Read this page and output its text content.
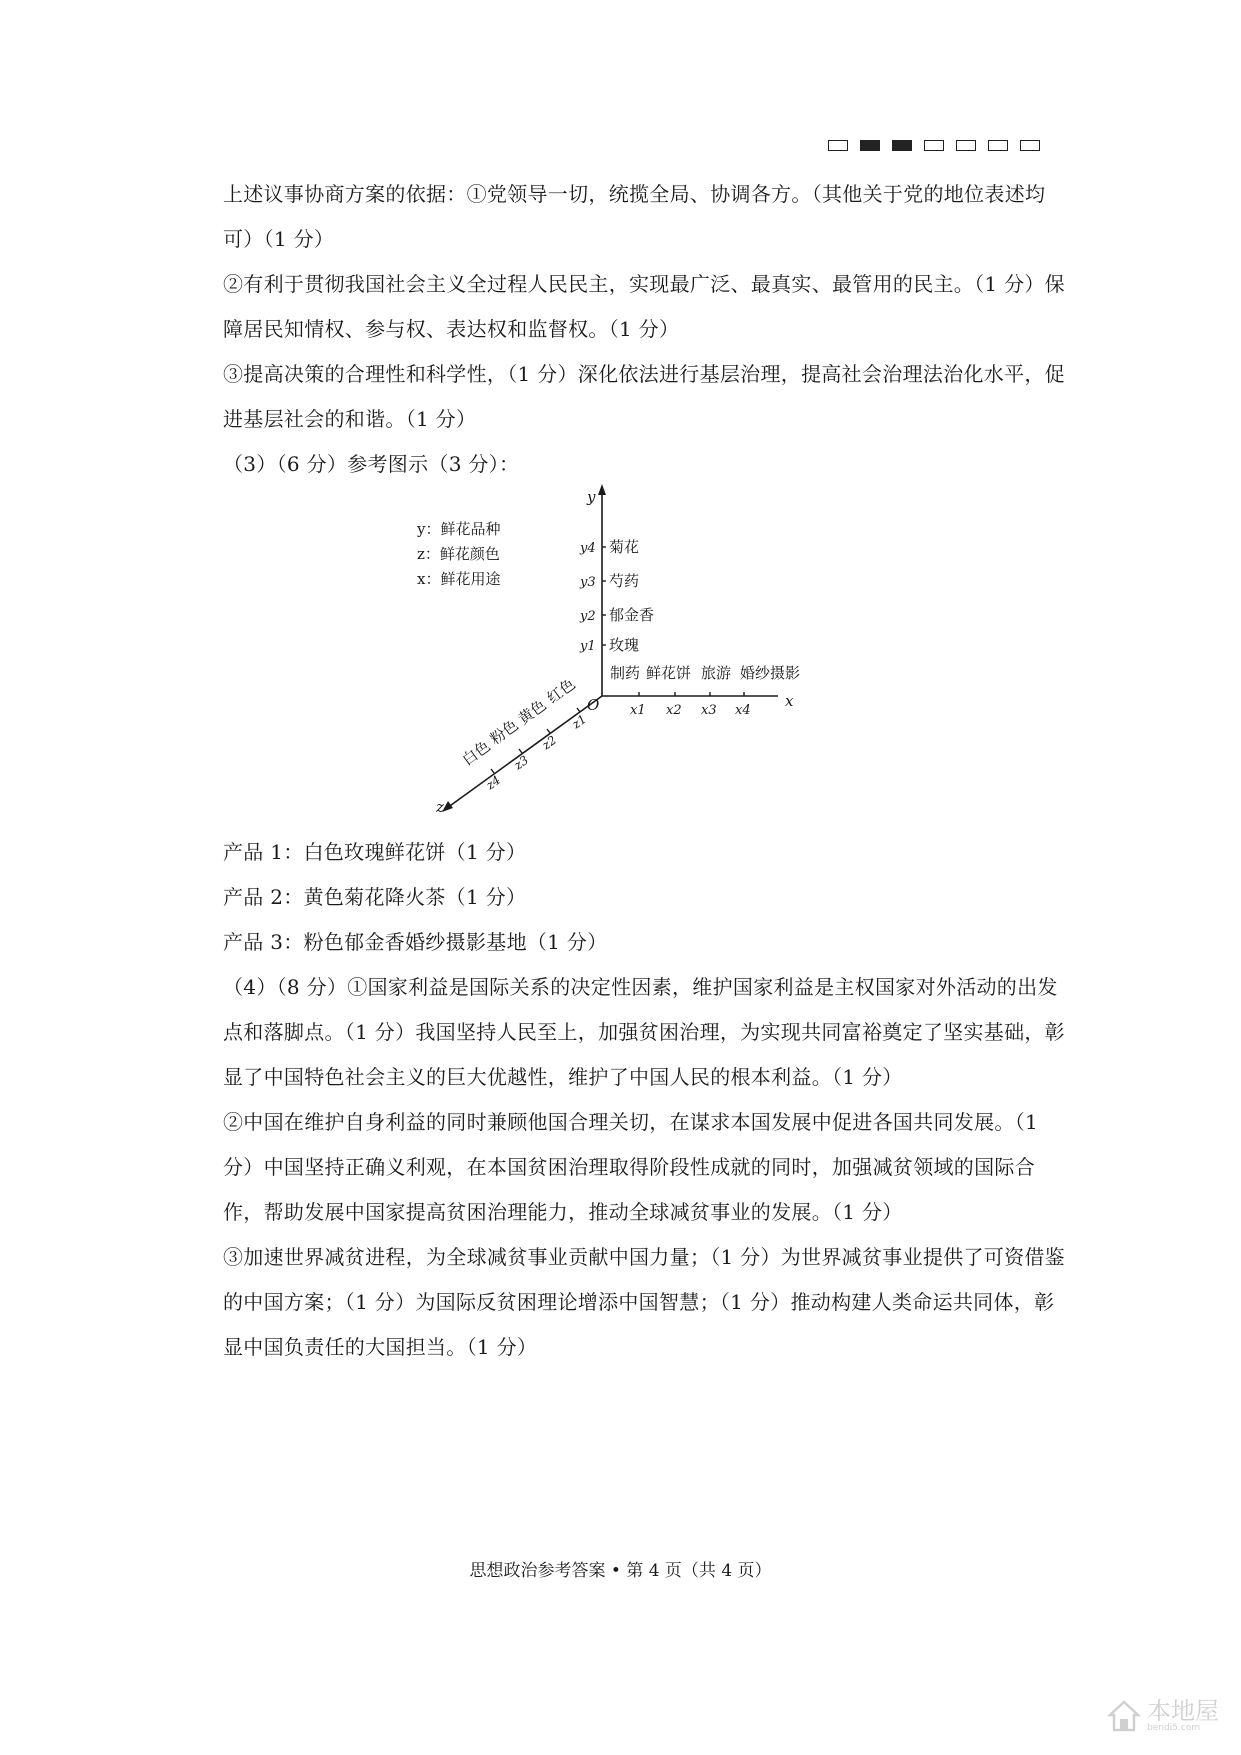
上述议事协商方案的依据：①党领导一切，统揽全局、协调各方。（其他关于党的地位表述均可）（1 分）

②有利于贯彻我国社会主义全过程人民民主，实现最广泛、最真实、最管用的民主。（1 分）保障居民知情权、参与权、表达权和监督权。（1 分）

③提高决策的合理性和科学性，（1 分）深化依法进行基层治理，提高社会治理法治化水平，促进基层社会的和谐。（1 分）

（3）（6 分）参考图示（3 分）：

y
x
z
O
y：鲜花品种
z：鲜花颜色
x：鲜花用途
y1
y2
y3
y4
玫瑰
郁金香
芍药
菊花
x1 x2 x3 x4
制药 鲜花饼 旅游 婚纱摄影
z1
z2
z3
z4
红色
黄色
粉色
白色

产品 1：白色玫瑰鲜花饼（1 分）

产品 2：黄色菊花降火茶（1 分）

产品 3：粉色郁金香婚纱摄影基地（1 分）

（4）（8 分）①国家利益是国际关系的决定性因素，维护国家利益是主权国家对外活动的出发点和落脚点。（1 分）我国坚持人民至上，加强贫困治理，为实现共同富裕奠定了坚实基础，彰显了中国特色社会主义的巨大优越性，维护了中国人民的根本利益。（1 分）

②中国在维护自身利益的同时兼顾他国合理关切，在谋求本国发展中促进各国共同发展。（1 分）中国坚持正确义利观，在本国贫困治理取得阶段性成就的同时，加强减贫领域的国际合作，帮助发展中国家提高贫困治理能力，推动全球减贫事业的发展。（1 分）

③加速世界减贫进程，为全球减贫事业贡献中国力量；（1 分）为世界减贫事业提供了可资借鉴的中国方案；（1 分）为国际反贫困理论增添中国智慧；（1 分）推动构建人类命运共同体，彰显中国负责任的大国担当。（1 分）

思想政治参考答案 • 第 4 页（共 4 页）
本地屋
bendi5.com
